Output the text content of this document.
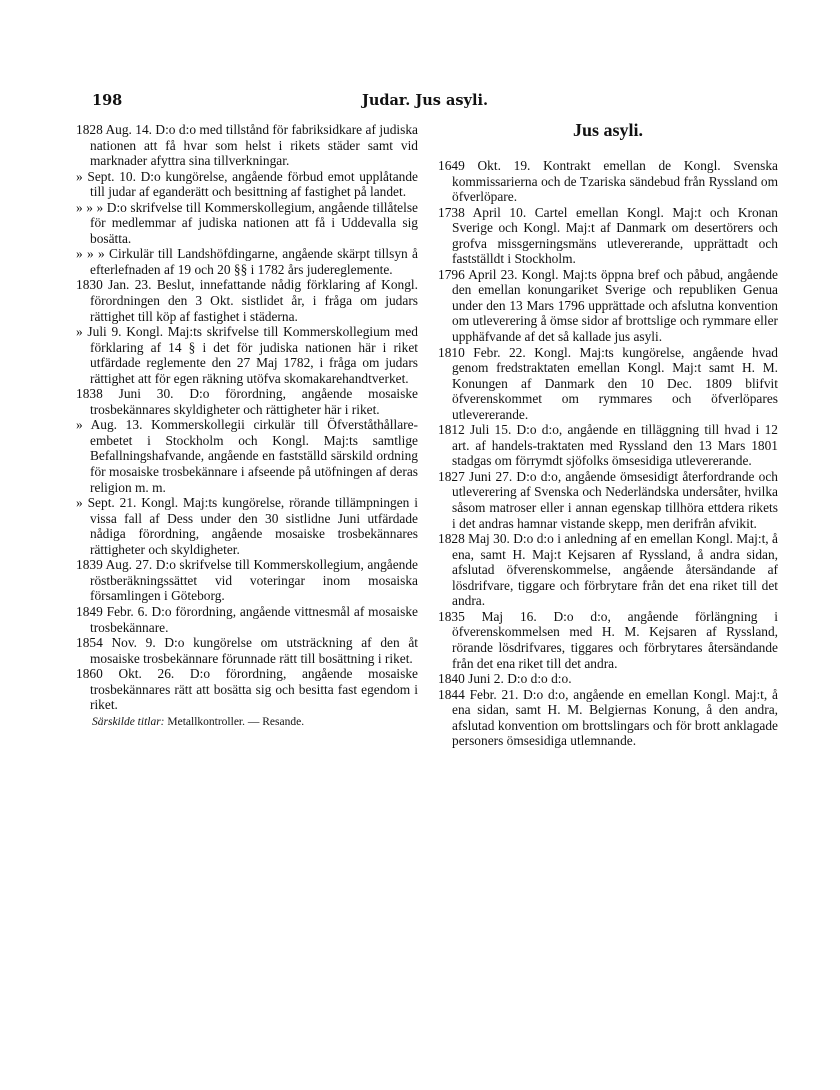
198	Judar. Jus asyli.

1828 Aug. 14. D:o d:o med tillstånd för fabriksidkare af judiska nationen att få hvar som helst i rikets städer samt vid marknader afyttra sina tillverkningar.

» Sept. 10. D:o kungörelse, angående förbud emot upplåtande till judar af eganderätt och besittning af fastighet på landet.

» » » D:o skrifvelse till Kommerskollegium, angående tillåtelse för medlemmar af judiska nationen att få i Uddevalla sig bosätta.

» » » Cirkulär till Landshöfdingarne, angående skärpt tillsyn å efterlefnaden af 19 och 20 §§ i 1782 års judereglemente.

1830 Jan. 23. Beslut, innefattande nådig förklaring af Kongl. förordningen den 3 Okt. sistlidet år, i fråga om judars rättighet till köp af fastighet i städerna.

» Juli 9. Kongl. Maj:ts skrifvelse till Kommerskollegium med förklaring af 14 § i det för judiska nationen här i riket utfärdade reglemente den 27 Maj 1782, i fråga om judars rättighet att för egen räkning utöfva skomakarehandtverket.

1838 Juni 30. D:o förordning, angående mosaiske trosbekännares skyldigheter och rättigheter här i riket.

» Aug. 13. Kommerskollegii cirkulär till Öfverståthållare-embetet i Stockholm och Kongl. Maj:ts samtlige Befallningshafvande, angående en fastställd särskild ordning för mosaiske trosbekännare i afseende på utöfningen af deras religion m. m.

» Sept. 21. Kongl. Maj:ts kungörelse, rörande tillämpningen i vissa fall af Dess under den 30 sistlidne Juni utfärdade nådiga förordning, angående mosaiske trosbekännares rättigheter och skyldigheter.

1839 Aug. 27. D:o skrifvelse till Kommerskollegium, angående röstberäkningssättet vid voteringar inom mosaiska församlingen i Göteborg.

1849 Febr. 6. D:o förordning, angående vittnesmål af mosaiske trosbekännare.

1854 Nov. 9. D:o kungörelse om utsträckning af den åt mosaiske trosbekännare förunnade rätt till bosättning i riket.

1860 Okt. 26. D:o förordning, angående mosaiske trosbekännares rätt att bosätta sig och besitta fast egendom i riket.

Särskilde titlar: Metallkontroller. — Resande.

Jus asyli.

1649 Okt. 19. Kontrakt emellan de Kongl. Svenska kommissarierna och de Tzariska sändebud från Ryssland om öfverlöpare.

1738 April 10. Cartel emellan Kongl. Maj:t och Kronan Sverige och Kongl. Maj:t af Danmark om desertörers och grofva missgerningsmäns utlevererande, upprättadt och fastställdt i Stockholm.

1796 April 23. Kongl. Maj:ts öppna bref och påbud, angående den emellan konungariket Sverige och republiken Genua under den 13 Mars 1796 upprättade och afslutna konvention om utleverering å ömse sidor af brottslige och rymmare eller upphäfvande af det så kallade jus asyli.

1810 Febr. 22. Kongl. Maj:ts kungörelse, angående hvad genom fredstraktaten emellan Kongl. Maj:t samt H. M. Konungen af Danmark den 10 Dec. 1809 blifvit öfverenskommet om rymmares och öfverlöpares utlevererande.

1812 Juli 15. D:o d:o, angående en tilläggning till hvad i 12 art. af handels-traktaten med Ryssland den 13 Mars 1801 stadgas om förrymdt sjöfolks ömsesidiga utlevererande.

1827 Juni 27. D:o d:o, angående ömsesidigt återfordrande och utleverering af Svenska och Nederländska undersåter, hvilka såsom matroser eller i annan egenskap tillhöra ettdera rikets i det andras hamnar vistande skepp, men derifrån afvikit.

1828 Maj 30. D:o d:o i anledning af en emellan Kongl. Maj:t, å ena, samt H. Maj:t Kejsaren af Ryssland, å andra sidan, afslutad öfverenskommelse, angående återsändande af lösdrifvare, tiggare och förbrytare från det ena riket till det andra.

1835 Maj 16. D:o d:o, angående förlängning i öfverenskommelsen med H. M. Kejsaren af Ryssland, rörande lösdrifvares, tiggares och förbrytares återsändande från det ena riket till det andra.

1840 Juni 2. D:o d:o d:o.

1844 Febr. 21. D:o d:o, angående en emellan Kongl. Maj:t, å ena sidan, samt H. M. Belgiernas Konung, å den andra, afslutad konvention om brottslingars och för brott anklagade personers ömsesidiga utlemnande.
